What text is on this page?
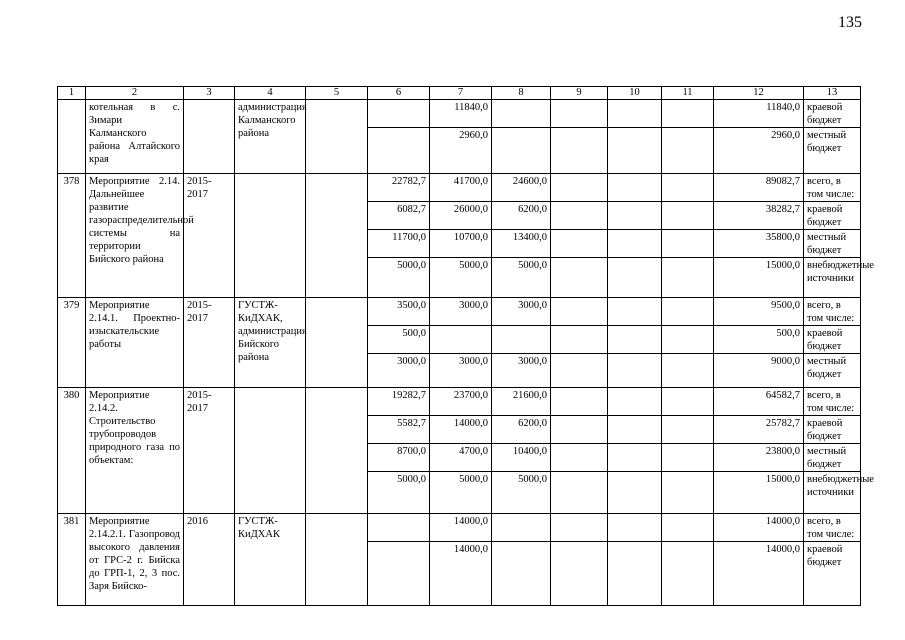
135
1	2	3	4	5	6	7	8	9	10	11	12	13
	котельная в с. Зимари Калманского района Алтайского края		администрация Калманского района			11840,0					11840,0	краевой бюджет
						2960,0					2960,0	местный бюджет
378	Мероприятие 2.14. Дальнейшее развитие газораспределительной системы на территории Бийского района	2015-2017			22782,7	41700,0	24600,0				89082,7	всего, в том числе:
					6082,7	26000,0	6200,0				38282,7	краевой бюджет
					11700,0	10700,0	13400,0				35800,0	местный бюджет
					5000,0	5000,0	5000,0				15000,0	внебюджетные источники
379	Мероприятие 2.14.1. Проектно-изыскательские работы	2015-2017	ГУСТЖ-КиДХАК, администрация Бийского района		3500,0	3000,0	3000,0				9500,0	всего, в том числе:
					500,0						500,0	краевой бюджет
					3000,0	3000,0	3000,0				9000,0	местный бюджет
380	Мероприятие 2.14.2. Строительство трубопроводов природного газа по объектам:	2015-2017			19282,7	23700,0	21600,0				64582,7	всего, в том числе:
					5582,7	14000,0	6200,0				25782,7	краевой бюджет
					8700,0	4700,0	10400,0				23800,0	местный бюджет
					5000,0	5000,0	5000,0				15000,0	внебюджетные источники
381	Мероприятие 2.14.2.1. Газопровод высокого давления от ГРС-2 г. Бийска до ГРП-1, 2, 3 пос. Заря Бийско-	2016	ГУСТЖ-КиДХАК			14000,0					14000,0	всего, в том числе:
						14000,0					14000,0	краевой бюджет
